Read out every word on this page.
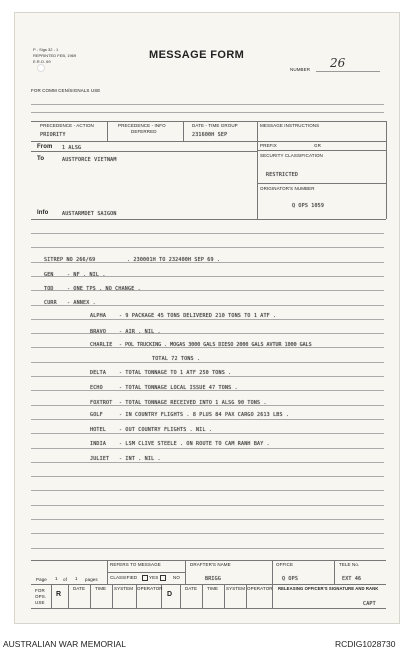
P - Sigs 32 - 1
REPRINTED FEB, 1969
E.R.O. 69
MESSAGE FORM
NUMBER 26
FOR COMM CEN/SIGNALS USE
PRECEDENCE - ACTION
PRIORITY
PRECEDENCE - INFO
DEFERRED
DATE - TIME GROUP
231600H SEP
MESSAGE INSTRUCTIONS
PREFIX	GR
From 1 ALSG
To	AUSTFORCE VIETNAM
SECURITY CLASSIFICATION
RESTRICTED
ORIGINATOR'S NUMBER
Q OPS 1059
Info	AUSTARMDET SAIGON
SITREP NO 266/69	. 230001H TO 232400H SEP 69 .
GEN	- NF . NIL .
TOD	- ONE TPS . NO CHANGE .
CURR - ANNEX .
ALPHA	- 9 PACKAGE 45 TONS DELIVERED 210 TONS TO 1 ATF .
BRAVO	- AIR . NIL .
CHARLIE - POL TRUCKING . MOGAS 3000 GALS DIESO 2000 GALS AVTUR 1000 GALS
TOTAL 72 TONS .
DELTA	- TOTAL TONNAGE TO 1 ATF 250 TONS .
ECHO	- TOTAL TONNAGE LOCAL ISSUE 47 TONS .
FOXTROT - TOTAL TONNAGE RECEIVED INTO 1 ALSG 90 TONS .
GOLF	- IN COUNTRY FLIGHTS . 8 PLUS 84 PAX CARGO 2613 LBS .
HOTEL	- OUT COUNTRY FLIGHTS . NIL .
INDIA	- LSM CLIVE STEELE . ON ROUTE TO CAM RANH BAY .
JULIET - INT . NIL .
Page 1 of 1 pages
REFERS TO MESSAGE
CLASSIFIED	YES	NO
DRAFTER'S NAME
BRIGG
OFFICE
Q OPS
TELE No.
EXT 46
FOR OPS. USE
R
DATE TIME SYSTEM OPERATOR
D
DATE TIME SYSTEM OPERATOR RELEASING OFFICER'S SIGNATURE AND RANK
CAPT
AUSTRALIAN WAR MEMORIAL	RCDIG1028730
